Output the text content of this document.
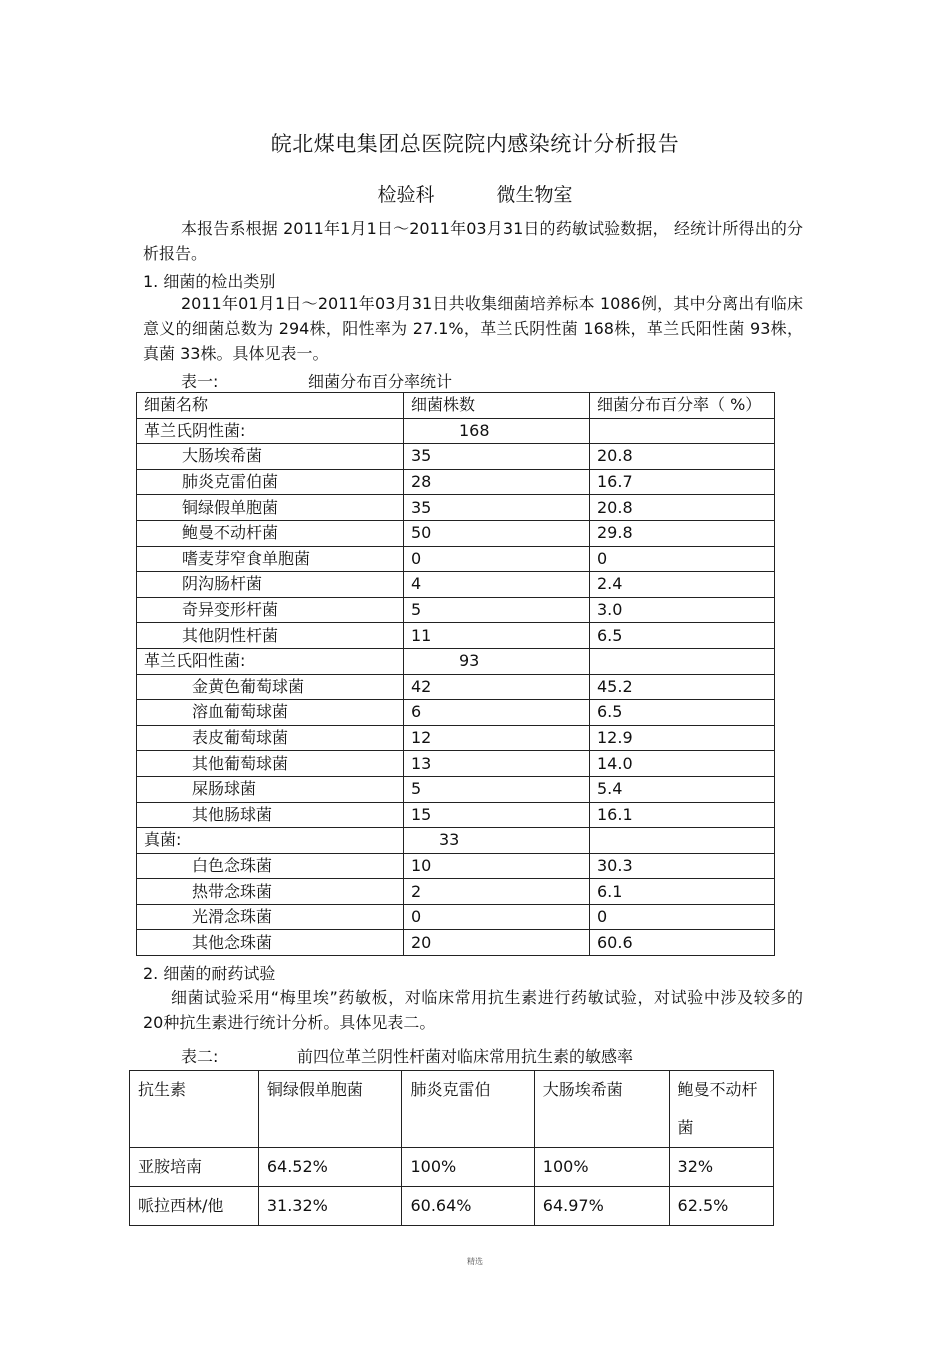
皖北煤电集团总医院院内感染统计分析报告
检验科	微生物室
本报告系根据 2011年1月1日～2011年03月31日的药敏试验数据， 经统计所得出的分析报告。
1. 细菌的检出类别
2011年01月1日～2011年03月31日共收集细菌培养标本 1086例，其中分离出有临床意义的细菌总数为 294株，阳性率为 27.1%，革兰氏阴性菌 168株，革兰氏阳性菌 93株，真菌 33株。具体见表一。
表一:	细菌分布百分率统计
细菌名称	细菌株数	细菌分布百分率（ %）
革兰氏阴性菌:	168	
大肠埃希菌	35	20.8
肺炎克雷伯菌	28	16.7
铜绿假单胞菌	35	20.8
鲍曼不动杆菌	50	29.8
嗜麦芽窄食单胞菌	0	0
阴沟肠杆菌	4	2.4
奇异变形杆菌	5	3.0
其他阴性杆菌	11	6.5
革兰氏阳性菌:	93	
金黄色葡萄球菌	42	45.2
溶血葡萄球菌	6	6.5
表皮葡萄球菌	12	12.9
其他葡萄球菌	13	14.0
屎肠球菌	5	5.4
其他肠球菌	15	16.1
真菌:	33	
白色念珠菌	10	30.3
热带念珠菌	2	6.1
光滑念珠菌	0	0
其他念珠菌	20	60.6
2. 细菌的耐药试验
细菌试验采用“梅里埃”药敏板，对临床常用抗生素进行药敏试验，对试验中涉及较多的 20种抗生素进行统计分析。具体见表二。
表二:	前四位革兰阴性杆菌对临床常用抗生素的敏感率
抗生素	铜绿假单胞菌	肺炎克雷伯	大肠埃希菌	鲍曼不动杆菌
亚胺培南	64.52%	100%	100%	32%
哌拉西林/他	31.32%	60.64%	64.97%	62.5%
精选
